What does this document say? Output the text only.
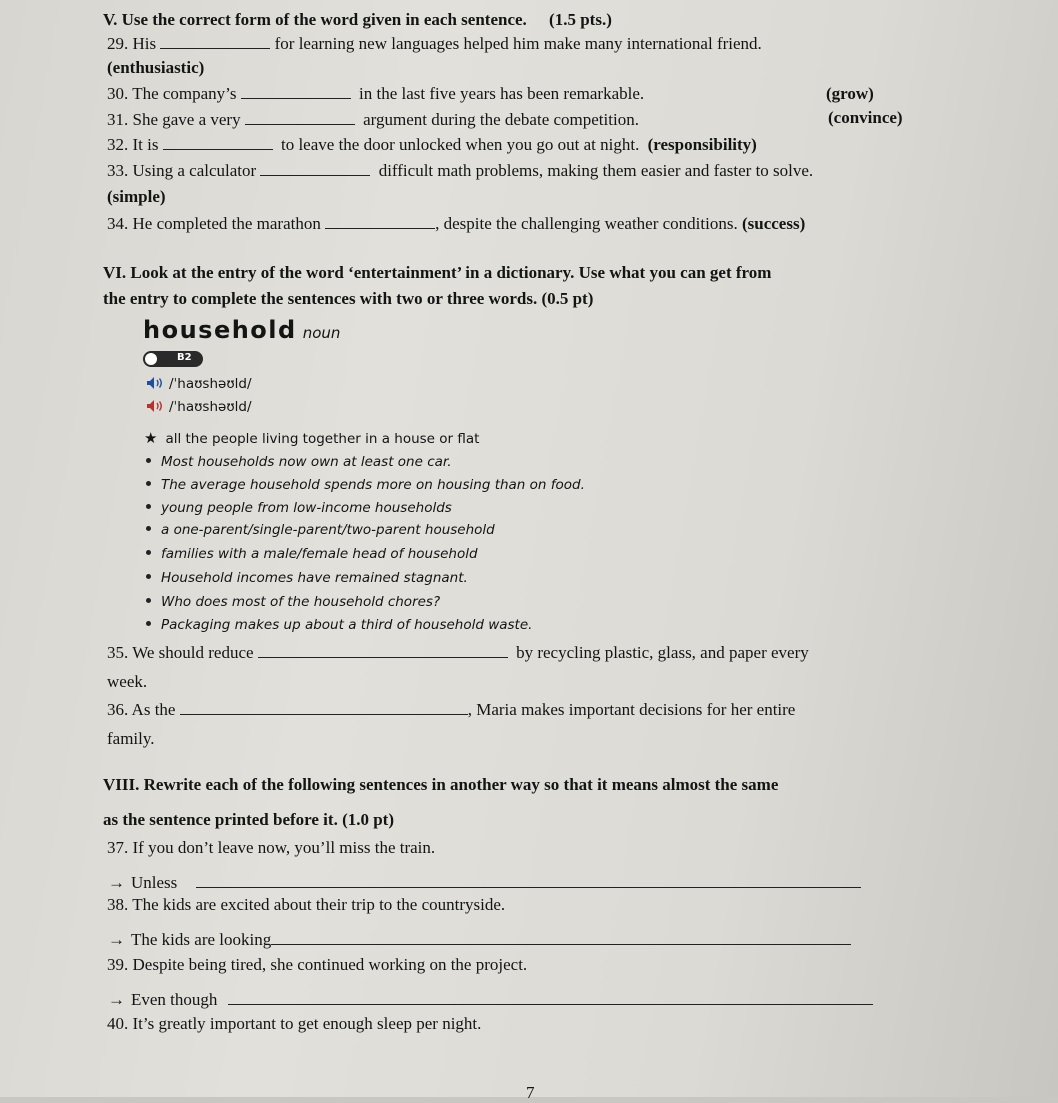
V. Use the correct form of the word given in each sentence. (1.5 pts.)
29. His	for learning new languages helped him make many international friend.
(enthusiastic)
30. The company’s	in the last five years has been remarkable.	(grow)
31. She gave a very	argument during the debate competition.	(convince)
32. It is	to leave the door unlocked when you go out at night. (responsibility)
33. Using a calculator	difficult math problems, making them easier and faster to solve.
(simple)
34. He completed the marathon	, despite the challenging weather conditions. (success)
VI. Look at the entry of the word ‘entertainment’ in a dictionary. Use what you can get from
the entry to complete the sentences with two or three words. (0.5 pt)
household noun
B2
/ˈhaʊshəʊld/
/ˈhaʊshəʊld/
★ all the people living together in a house or flat
Most households now own at least one car.
The average household spends more on housing than on food.
young people from low-income households
a one-parent/single-parent/two-parent household
families with a male/female head of household
Household incomes have remained stagnant.
Who does most of the household chores?
Packaging makes up about a third of household waste.
35. We should reduce	by recycling plastic, glass, and paper every
week.
36. As the	, Maria makes important decisions for her entire
family.
VIII. Rewrite each of the following sentences in another way so that it means almost the same
as the sentence printed before it. (1.0 pt)
37. If you don’t leave now, you’ll miss the train.
→ Unless
38. The kids are excited about their trip to the countryside.
→ The kids are looking
39. Despite being tired, she continued working on the project.
→ Even though
40. It’s greatly important to get enough sleep per night.
7
